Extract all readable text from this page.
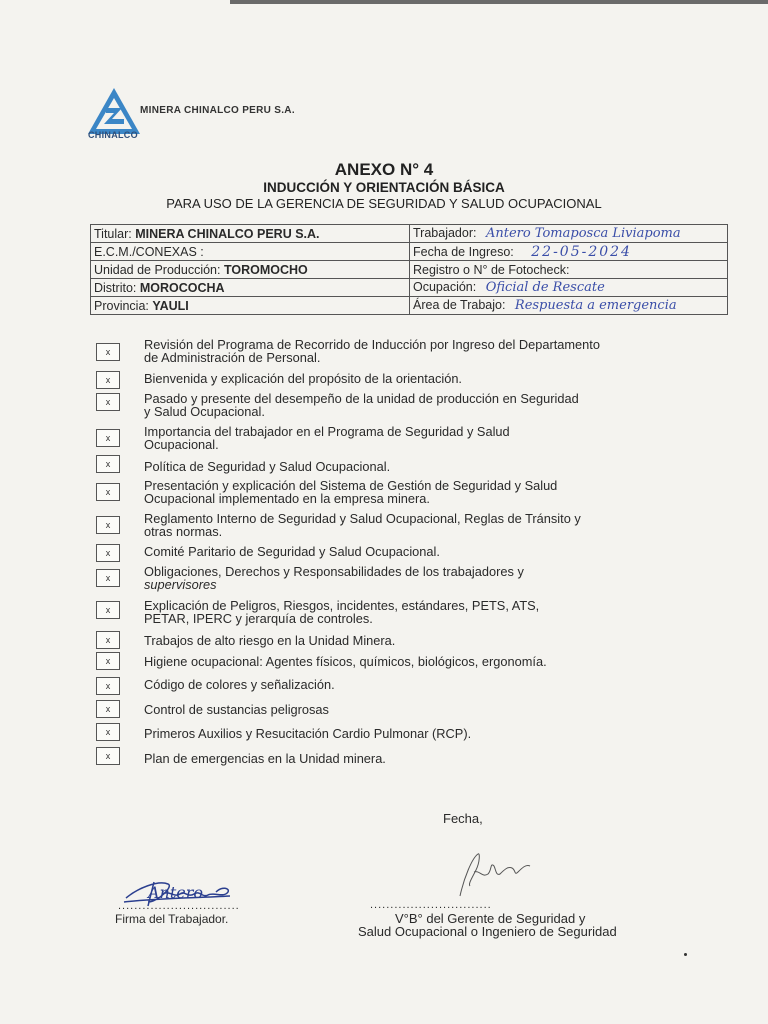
CHINALCO
MINERA CHINALCO PERU S.A.
ANEXO N° 4
INDUCCIÓN Y ORIENTACIÓN BÁSICA
PARA USO DE LA GERENCIA DE SEGURIDAD Y SALUD OCUPACIONAL
Titular: MINERA CHINALCO PERU S.A.	Trabajador: Antero Tomaposca Liviapoma
E.C.M./CONEXAS :	Fecha de Ingreso: 22-05-2024
Unidad de Producción: TOROMOCHO	Registro o N° de Fotocheck:
Distrito: MOROCOCHA	Ocupación: Oficial de Rescate
Provincia: YAULI	Área de Trabajo: Respuesta a emergencia
x	Revisión del Programa de Recorrido de Inducción por Ingreso del Departamento
de Administración de Personal.
x	Bienvenida y explicación del propósito de la orientación.

x	Pasado y presente del desempeño de la unidad de producción en Seguridad
y Salud Ocupacional.
x	Importancia del trabajador en el Programa de Seguridad y Salud
Ocupacional.
x	Política de Seguridad y Salud Ocupacional.

x	Presentación y explicación del Sistema de Gestión de Seguridad y Salud
Ocupacional implementado en la empresa minera.
x	Reglamento Interno de Seguridad y Salud Ocupacional, Reglas de Tránsito y
otras normas.
x	Comité Paritario de Seguridad y Salud Ocupacional.

x	Obligaciones, Derechos y Responsabilidades de los trabajadores y
supervisores
x	Explicación de Peligros, Riesgos, incidentes, estándares, PETS, ATS,
PETAR, IPERC y jerarquía de controles.
x	Trabajos de alto riesgo en la Unidad Minera.

x	Higiene ocupacional: Agentes físicos, químicos, biológicos, ergonomía.

x	Código de colores y señalización.

x	Control de sustancias peligrosas

x	Primeros Auxilios y Resucitación Cardio Pulmonar (RCP).

x	Plan de emergencias en la Unidad minera.

Fecha,
Antero
..............................	..............................
Firma del Trabajador.	V°B° del Gerente de Seguridad y
Salud Ocupacional o Ingeniero de Seguridad
